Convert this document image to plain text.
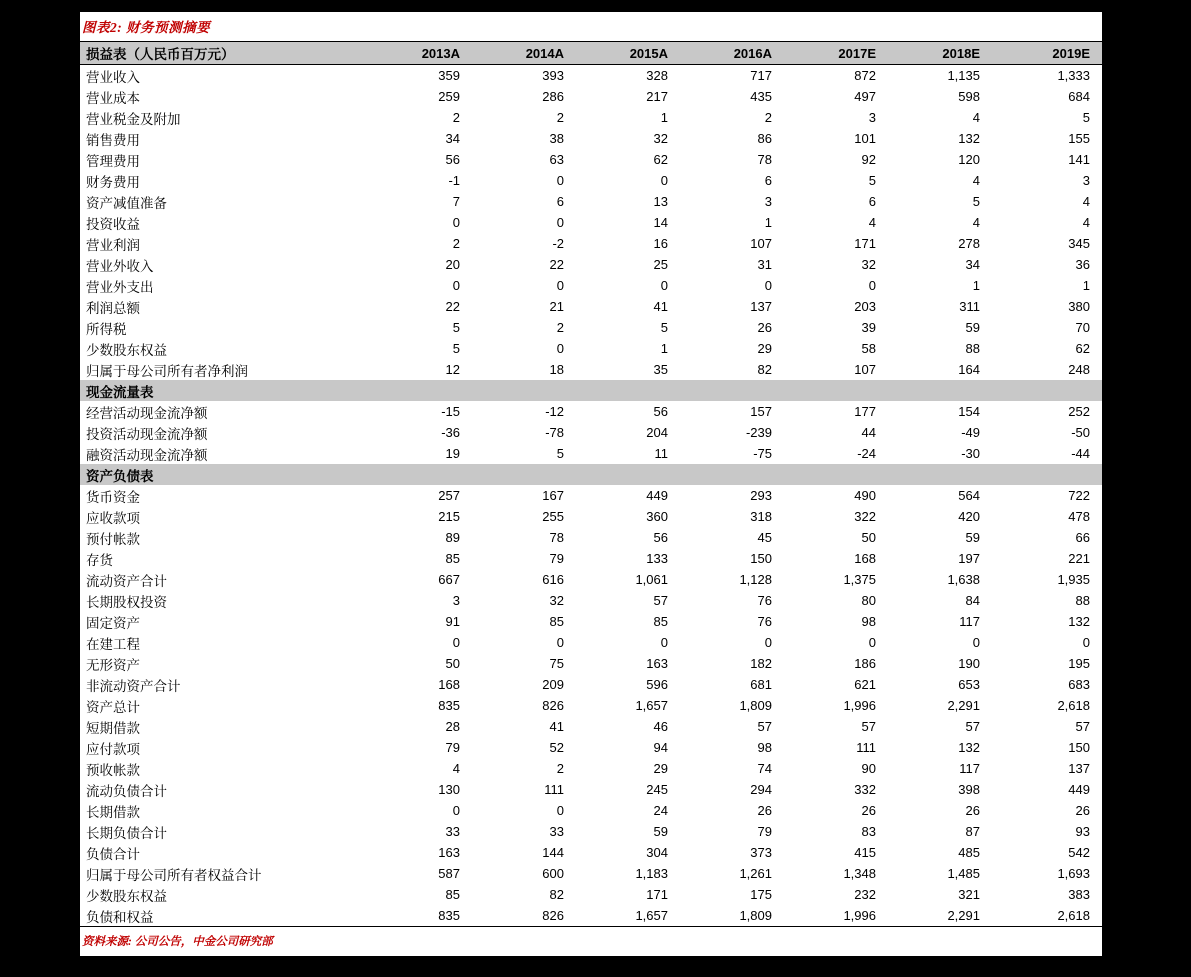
图表2: 财务预测摘要
损益表（人民币百万元）	2013A	2014A	2015A	2016A	2017E	2018E	2019E
营业收入	359	393	328	717	872	1,135	1,333
营业成本	259	286	217	435	497	598	684
营业税金及附加	2	2	1	2	3	4	5
销售费用	34	38	32	86	101	132	155
管理费用	56	63	62	78	92	120	141
财务费用	-1	0	0	6	5	4	3
资产减值准备	7	6	13	3	6	5	4
投资收益	0	0	14	1	4	4	4
营业利润	2	-2	16	107	171	278	345
营业外收入	20	22	25	31	32	34	36
营业外支出	0	0	0	0	0	1	1
利润总额	22	21	41	137	203	311	380
所得税	5	2	5	26	39	59	70
少数股东权益	5	0	1	29	58	88	62
归属于母公司所有者净利润	12	18	35	82	107	164	248
现金流量表							
经营活动现金流净额	-15	-12	56	157	177	154	252
投资活动现金流净额	-36	-78	204	-239	44	-49	-50
融资活动现金流净额	19	5	11	-75	-24	-30	-44
资产负债表							
货币资金	257	167	449	293	490	564	722
应收款项	215	255	360	318	322	420	478
预付帐款	89	78	56	45	50	59	66
存货	85	79	133	150	168	197	221
流动资产合计	667	616	1,061	1,128	1,375	1,638	1,935
长期股权投资	3	32	57	76	80	84	88
固定资产	91	85	85	76	98	117	132
在建工程	0	0	0	0	0	0	0
无形资产	50	75	163	182	186	190	195
非流动资产合计	168	209	596	681	621	653	683
资产总计	835	826	1,657	1,809	1,996	2,291	2,618
短期借款	28	41	46	57	57	57	57
应付款项	79	52	94	98	111	132	150
预收帐款	4	2	29	74	90	117	137
流动负债合计	130	111	245	294	332	398	449
长期借款	0	0	24	26	26	26	26
长期负债合计	33	33	59	79	83	87	93
负债合计	163	144	304	373	415	485	542
归属于母公司所有者权益合计	587	600	1,183	1,261	1,348	1,485	1,693
少数股东权益	85	82	171	175	232	321	383
负债和权益	835	826	1,657	1,809	1,996	2,291	2,618
资料来源: 公司公告，中金公司研究部
